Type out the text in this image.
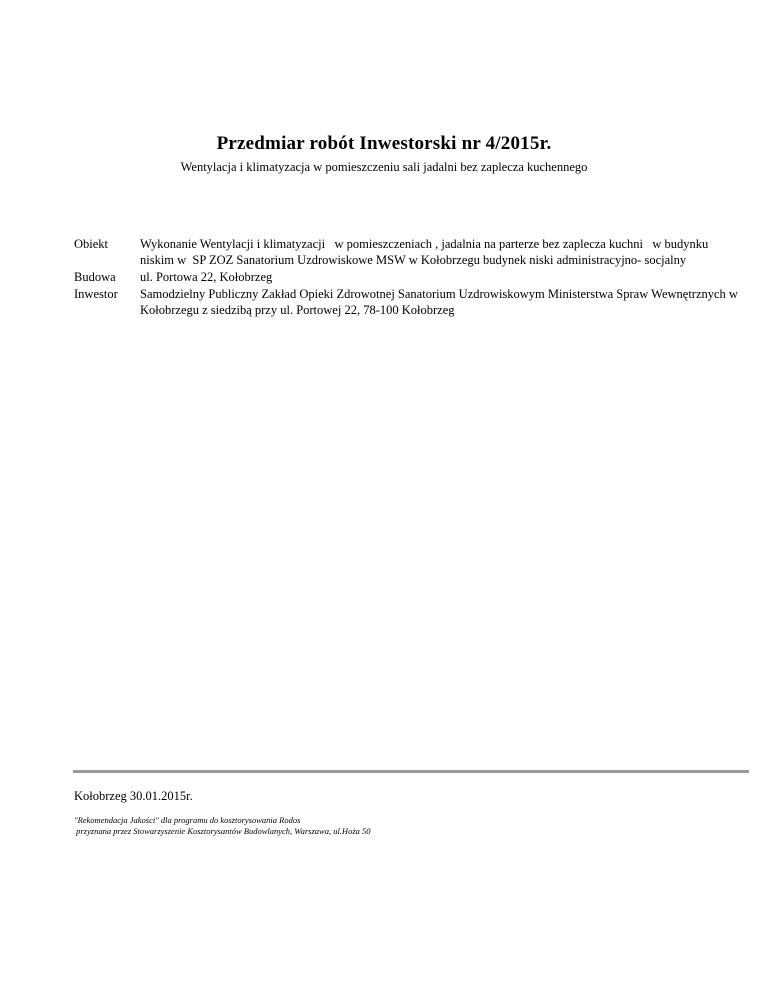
Przedmiar robót Inwestorski nr 4/2015r.
Wentylacja i klimatyzacja w pomieszczeniu sali jadalni bez zaplecza kuchennego
Obiekt	Wykonanie Wentylacji i klimatyzacji   w pomieszczeniach , jadalnia na parterze bez zaplecza kuchni   w budynku niskim w  SP ZOZ Sanatorium Uzdrowiskowe MSW w Kołobrzegu budynek niski administracyjno- socjalny
Budowa	ul. Portowa 22, Kołobrzeg
Inwestor	Samodzielny Publiczny Zakład Opieki Zdrowotnej Sanatorium Uzdrowiskowym Ministerstwa Spraw Wewnętrznych w Kołobrzegu z siedzibą przy ul. Portowej 22, 78-100 Kołobrzeg
Kołobrzeg 30.01.2015r.
"Rekomendacja Jakości" dla programu do kosztorysowania Rodos
przyznana przez Stowarzyszenie Kosztorysantów Budowlanych, Warszawa, ul.Hoża 50
